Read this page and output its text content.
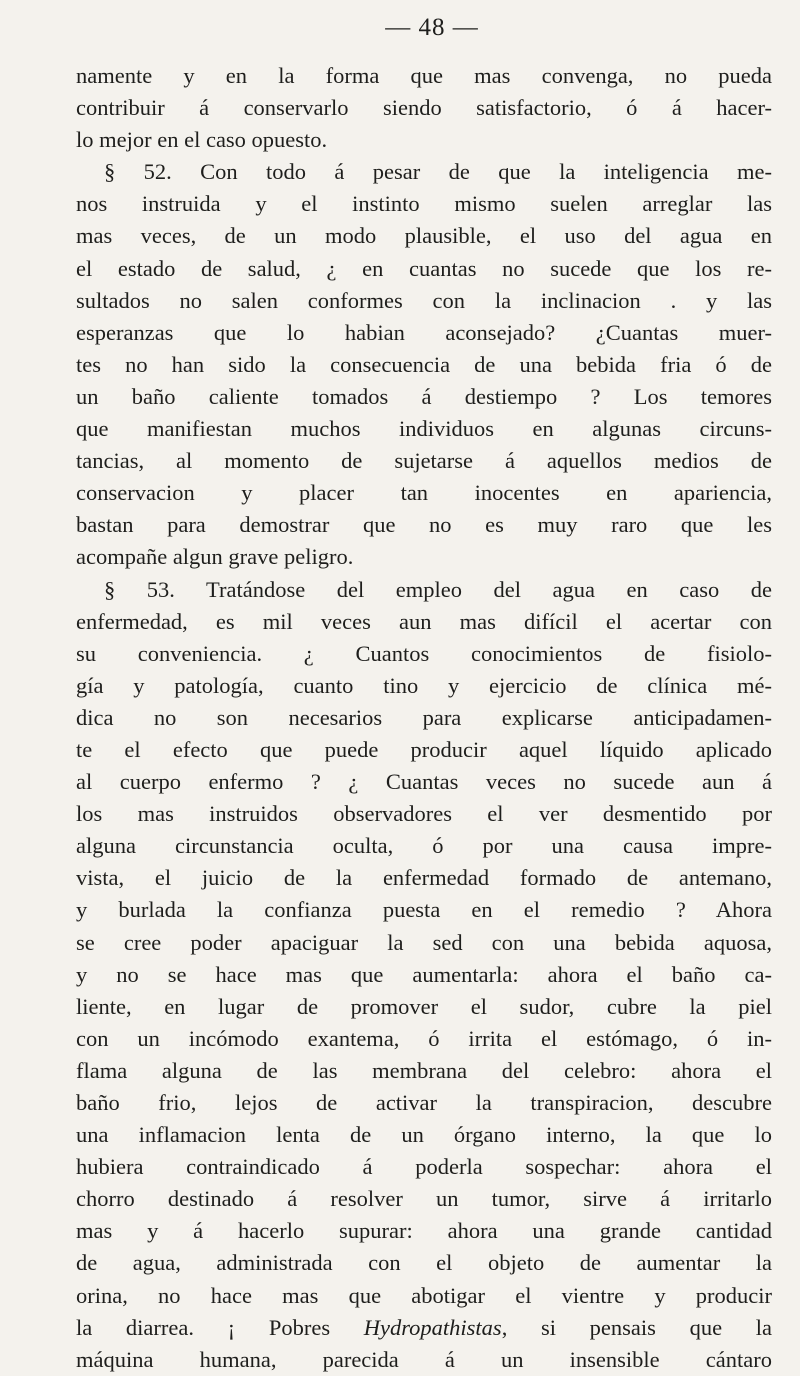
— 48 —
namente y en la forma que mas convenga, no pueda
contribuir á conservarlo siendo satisfactorio, ó á hacer-
lo mejor en el caso opuesto.
§ 52. Con todo á pesar de que la inteligencia me-
nos instruida y el instinto mismo suelen arreglar las
mas veces, de un modo plausible, el uso del agua en
el estado de salud, ¿ en cuantas no sucede que los re-
sultados no salen conformes con la inclinacion . y las
esperanzas que lo habian aconsejado? ¿Cuantas muer-
tes no han sido la consecuencia de una bebida fria ó de
un baño caliente tomados á destiempo ? Los temores
que manifiestan muchos individuos en algunas circuns-
tancias, al momento de sujetarse á aquellos medios de
conservacion y placer tan inocentes en apariencia,
bastan para demostrar que no es muy raro que les
acompañe algun grave peligro.
§ 53. Tratándose del empleo del agua en caso de
enfermedad, es mil veces aun mas difícil el acertar con
su conveniencia. ¿ Cuantos conocimientos de fisiolo-
gía y patología, cuanto tino y ejercicio de clínica mé-
dica no son necesarios para explicarse anticipadamen-
te el efecto que puede producir aquel líquido aplicado
al cuerpo enfermo ? ¿ Cuantas veces no sucede aun á
los mas instruidos observadores el ver desmentido por
alguna circunstancia oculta, ó por una causa impre-
vista, el juicio de la enfermedad formado de antemano,
y burlada la confianza puesta en el remedio ? Ahora
se cree poder apaciguar la sed con una bebida aquosa,
y no se hace mas que aumentarla: ahora el baño ca-
liente, en lugar de promover el sudor, cubre la piel
con un incómodo exantema, ó irrita el estómago, ó in-
flama alguna de las membrana del celebro: ahora el
baño frio, lejos de activar la transpiracion, descubre
una inflamacion lenta de un órgano interno, la que lo
hubiera contraindicado á poderla sospechar: ahora el
chorro destinado á resolver un tumor, sirve á irritarlo
mas y á hacerlo supurar: ahora una grande cantidad
de agua, administrada con el objeto de aumentar la
orina, no hace mas que abotigar el vientre y producir
la diarrea. ¡ Pobres Hydropathistas, si pensais que la
máquina humana, parecida á un insensible cántaro
